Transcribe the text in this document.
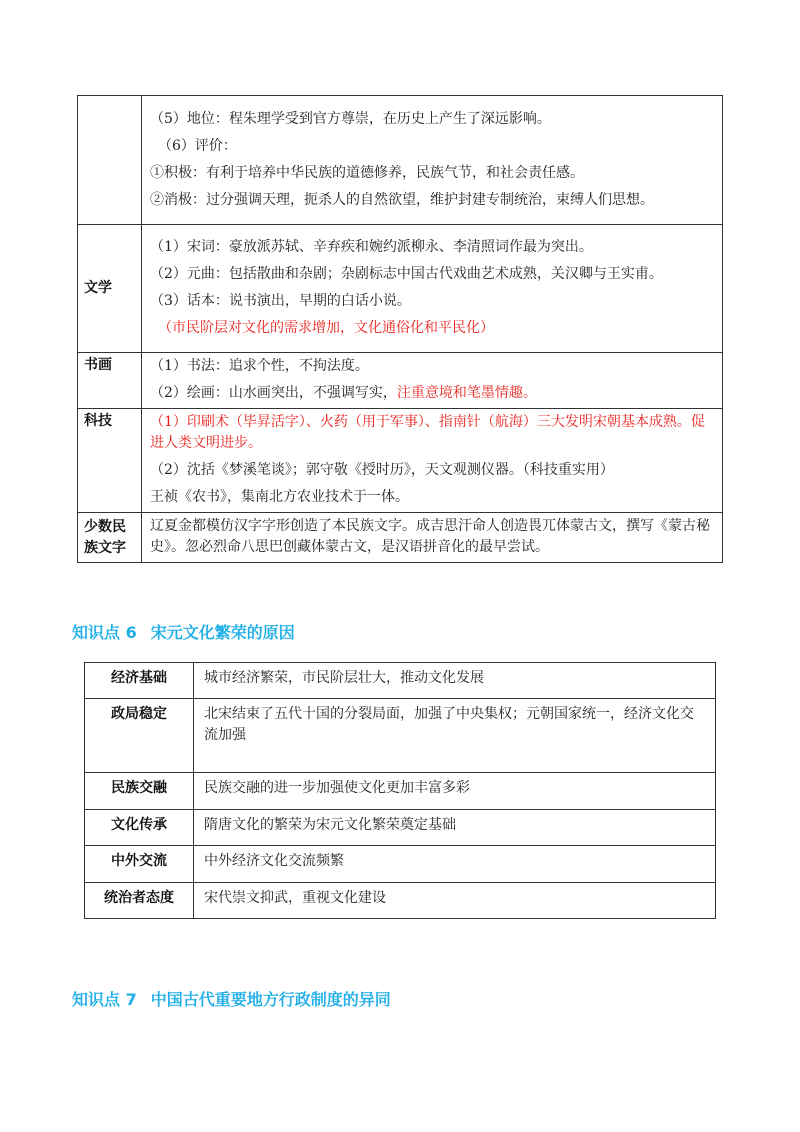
	（5）地位：程朱理学受到官方尊崇，在历史上产生了深远影响。
（6）评价：
①积极：有利于培养中华民族的道德修养，民族气节，和社会责任感。
②消极：过分强调天理，扼杀人的自然欲望，维护封建专制统治，束缚人们思想。

文学	（1）宋词：豪放派苏轼、辛弃疾和婉约派柳永、李清照词作最为突出。
（2）元曲：包括散曲和杂剧；杂剧标志中国古代戏曲艺术成熟，关汉卿与王实甫。
（3）话本：说书演出，早期的白话小说。
（市民阶层对文化的需求增加，文化通俗化和平民化）

书画	（1）书法：追求个性，不拘法度。
（2）绘画：山水画突出，不强调写实，注重意境和笔墨情趣。

科技	（1）印刷术（毕昇活字）、火药（用于军事）、指南针（航海）三大发明宋朝基本成熟。促进人类文明进步。
（2）沈括《梦溪笔谈》；郭守敬《授时历》，天文观测仪器。（科技重实用）
王祯《农书》，集南北方农业技术于一体。

少数民族文字	辽夏金都模仿汉字字形创造了本民族文字。成吉思汗命人创造畏兀体蒙古文，撰写《蒙古秘史》。忽必烈命八思巴创藏体蒙古文，是汉语拼音化的最早尝试。
知识点 6 宋元文化繁荣的原因
经济基础	城市经济繁荣，市民阶层壮大，推动文化发展
政局稳定	北宋结束了五代十国的分裂局面，加强了中央集权；元朝国家统一，经济文化交流加强
民族交融	民族交融的进一步加强使文化更加丰富多彩
文化传承	隋唐文化的繁荣为宋元文化繁荣奠定基础
中外交流	中外经济文化交流频繁
统治者态度	宋代崇文抑武，重视文化建设
知识点 7 中国古代重要地方行政制度的异同
